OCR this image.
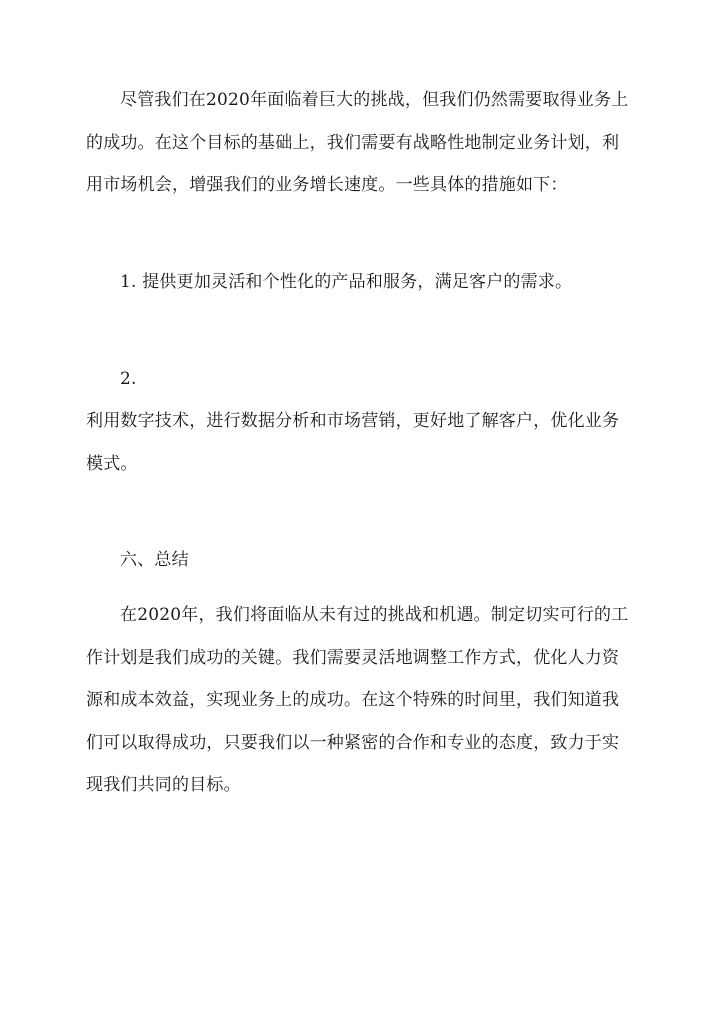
尽管我们在2020年面临着巨大的挑战，但我们仍然需要取得业务上的成功。在这个目标的基础上，我们需要有战略性地制定业务计划，利用市场机会，增强我们的业务增长速度。一些具体的措施如下：

1. 提供更加灵活和个性化的产品和服务，满足客户的需求。

2.

利用数字技术，进行数据分析和市场营销，更好地了解客户，优化业务模式。

六、总结

在2020年，我们将面临从未有过的挑战和机遇。制定切实可行的工作计划是我们成功的关键。我们需要灵活地调整工作方式，优化人力资源和成本效益，实现业务上的成功。在这个特殊的时间里，我们知道我们可以取得成功，只要我们以一种紧密的合作和专业的态度，致力于实现我们共同的目标。
